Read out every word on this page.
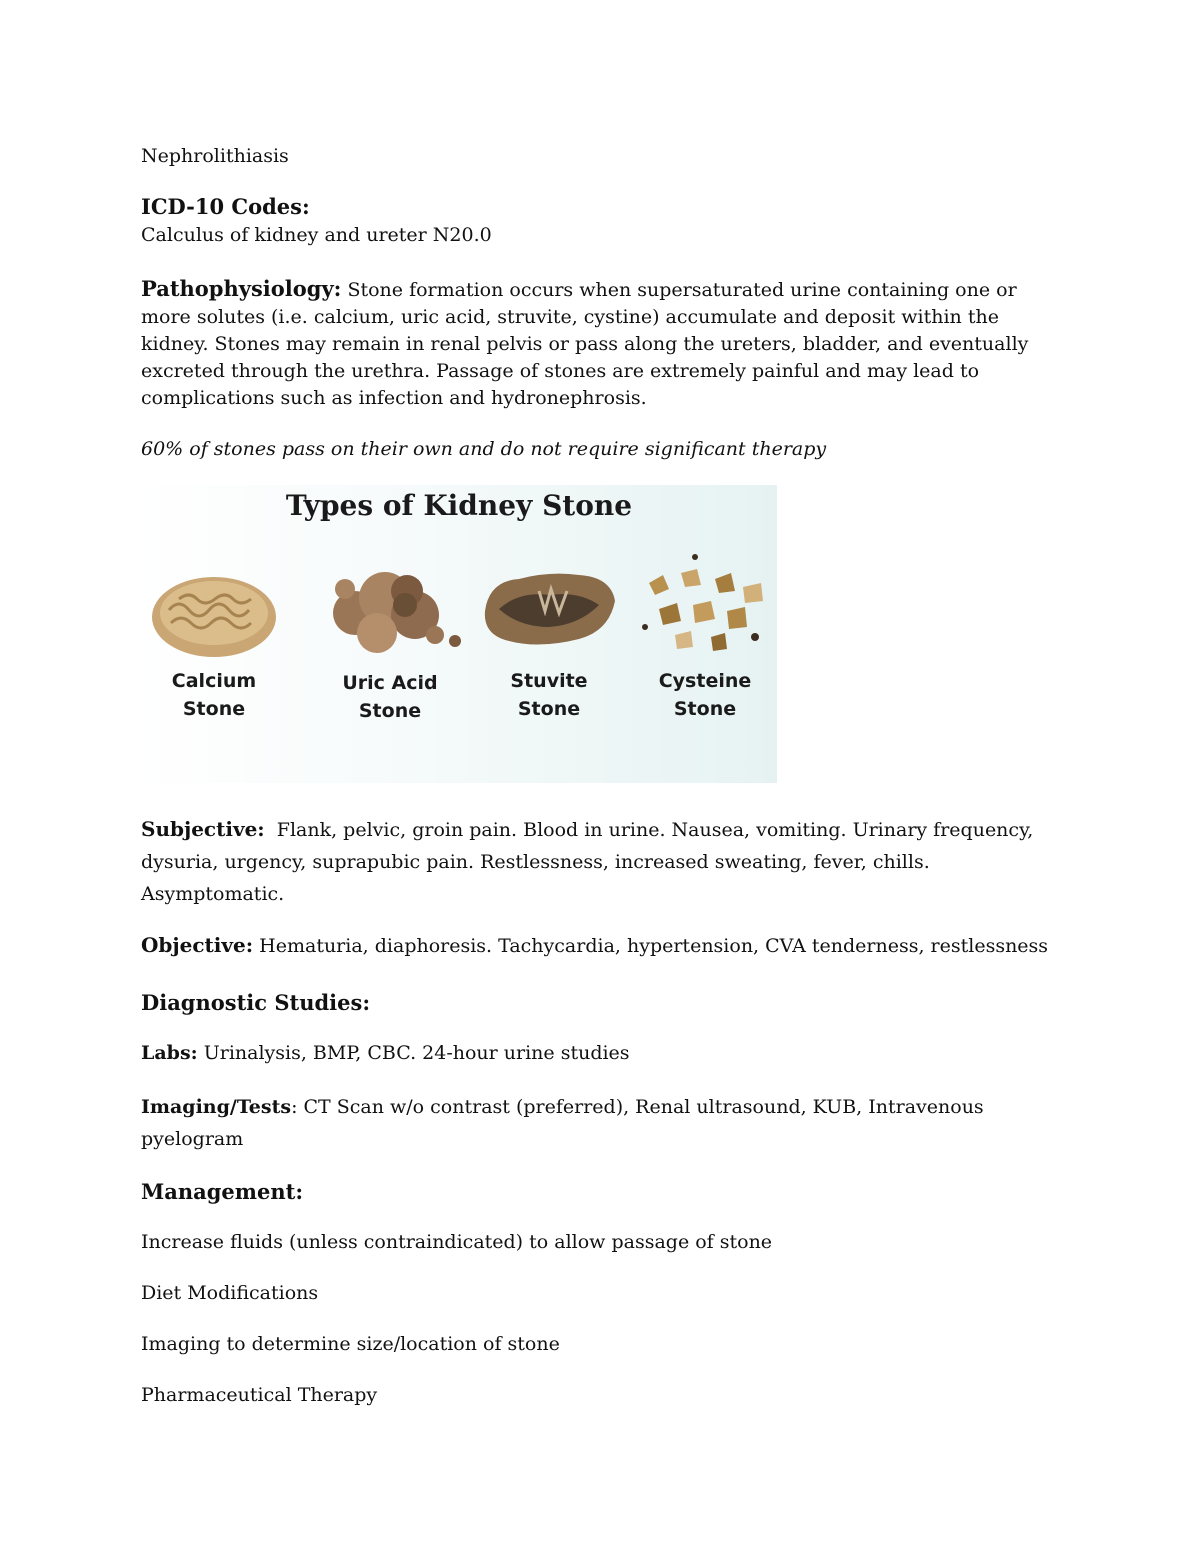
Nephrolithiasis
ICD-10 Codes:

Calculus of kidney and ureter N20.0

Pathophysiology: Stone formation occurs when supersaturated urine containing one or more solutes (i.e. calcium, uric acid, struvite, cystine) accumulate and deposit within the kidney. Stones may remain in renal pelvis or pass along the ureters, bladder, and eventually excreted through the urethra. Passage of stones are extremely painful and may lead to complications such as infection and hydronephrosis.

60% of stones pass on their own and do not require significant therapy

Types of Kidney Stone
Calcium
Stone
Uric Acid
Stone
Stuvite
Stone
Cysteine
Stone

Subjective: Flank, pelvic, groin pain. Blood in urine. Nausea, vomiting. Urinary frequency, dysuria, urgency, suprapubic pain. Restlessness, increased sweating, fever, chills. Asymptomatic.

Objective: Hematuria, diaphoresis. Tachycardia, hypertension, CVA tenderness, restlessness

Diagnostic Studies:

Labs: Urinalysis, BMP, CBC. 24-hour urine studies

Imaging/Tests: CT Scan w/o contrast (preferred), Renal ultrasound, KUB, Intravenous pyelogram

Management:

Increase fluids (unless contraindicated) to allow passage of stone

Diet Modifications

Imaging to determine size/location of stone

Pharmaceutical Therapy
